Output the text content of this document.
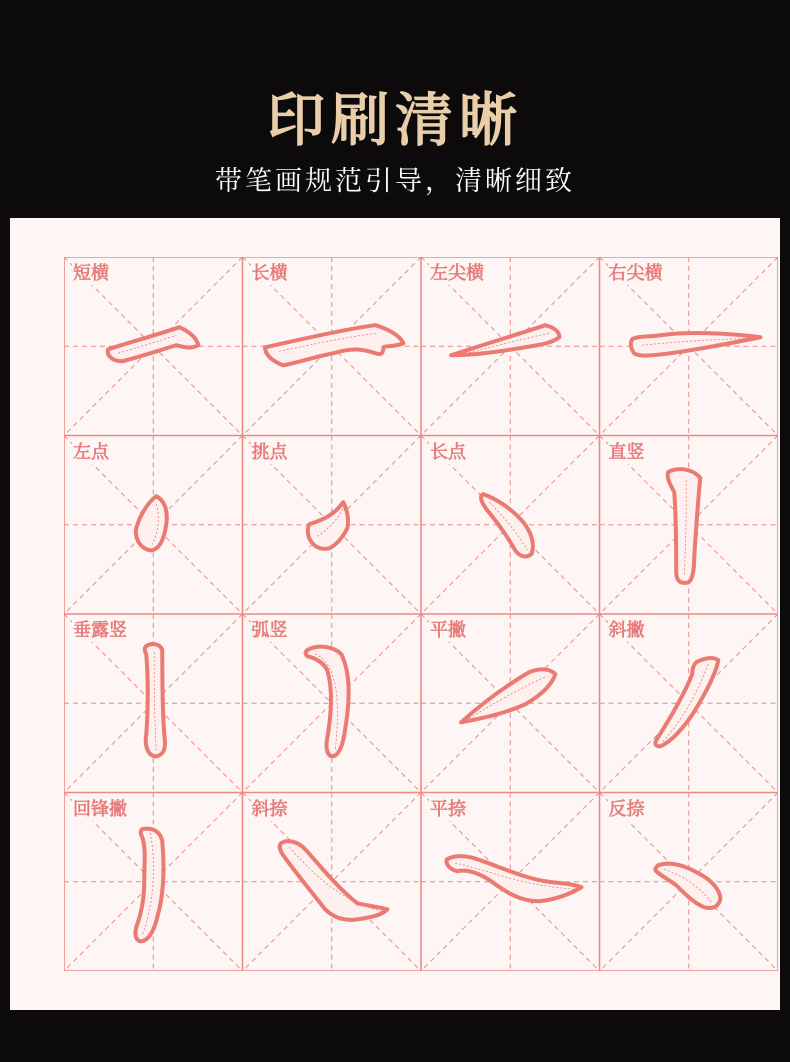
印刷清晰
带笔画规范引导，清晰细致
短横	长横	左尖横	右尖横
左点	挑点	长点	直竖
垂露竖	弧竖	平撇	斜撇
回锋撇	斜捺	平捺	反捺
